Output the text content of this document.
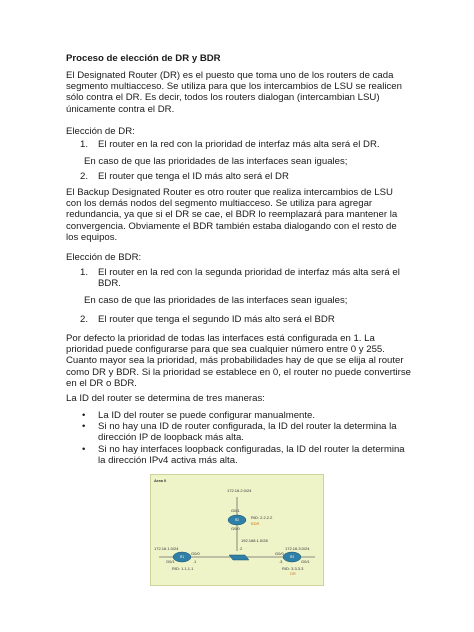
Proceso de elección de DR y BDR
El Designated Router (DR) es el puesto que toma uno de los routers de cada segmento multiacceso. Se utiliza para que los intercambios de LSU se realicen sólo contra el DR. Es decir, todos los routers dialogan (intercambian LSU) únicamente contra el DR.
Elección de DR:
1.	El router en la red con la prioridad de interfaz más alta será el DR.
En caso de que las prioridades de las interfaces sean iguales;
2.	El router que tenga el ID más alto será el DR
El Backup Designated Router es otro router que realiza intercambios de LSU con los demás nodos del segmento multiacceso. Se utiliza para agregar redundancia, ya que si el DR se cae, el BDR lo reemplazará para mantener la convergencia. Obviamente el BDR también estaba dialogando con el resto de los equipos.
Elección de BDR:
1.	El router en la red con la segunda prioridad de interfaz más alta será el BDR.
En caso de que las prioridades de las interfaces sean iguales;
2.	El router que tenga el segundo ID más alto será el BDR
Por defecto la prioridad de todas las interfaces está configurada en 1. La prioridad puede configurarse para que sea cualquier número entre 0 y 255. Cuanto mayor sea la prioridad, más probabilidades hay de que se elija al router como DR y BDR. Si la prioridad se establece en 0, el router no puede convertirse en el DR o BDR.
La ID del router se determina de tres maneras:
• La ID del router se puede configurar manualmente.
• Si no hay una ID de router configurada, la ID del router la determina la dirección IP de loopback más alta.
• Si no hay interfaces loopback configuradas, la ID del router la determina la dirección IPv4 activa más alta.
Area 0
172.16.2.0/24
G0/1
G0/0
R2	RID: 2.2.2.2
BDR
192.168.1.0/28
.2
172.16.1.0/24	172.16.3.0/24
G0/1
G0/0
.1
R1
RID: 1.1.1.1
G0/0
.3	G0/1
R3
RID: 3.3.3.3
DR
